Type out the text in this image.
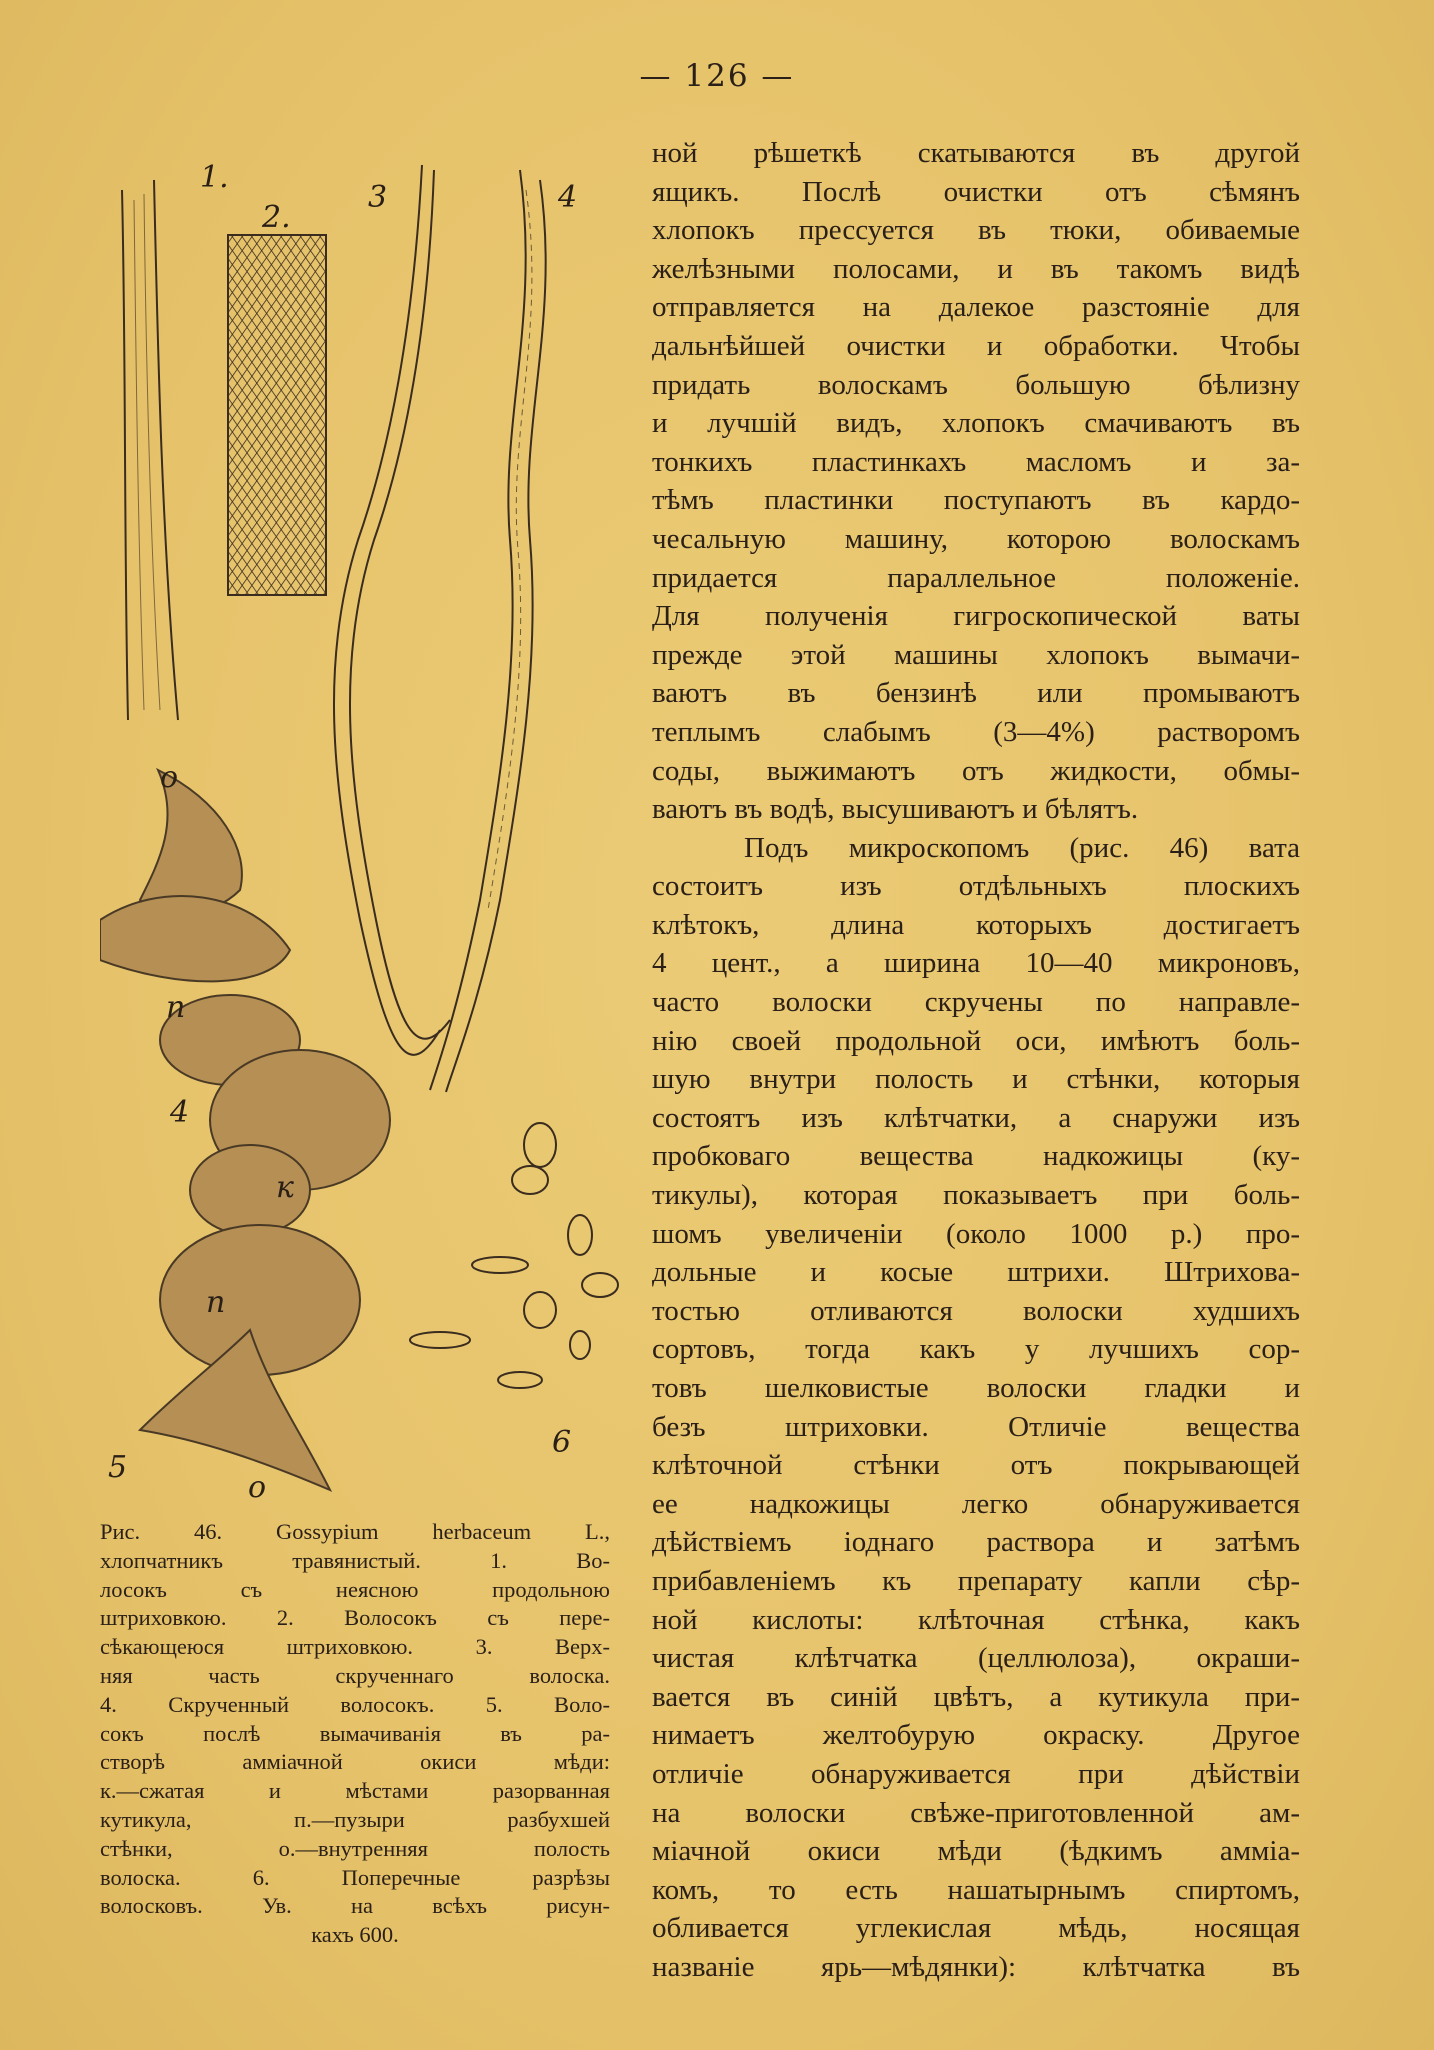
— 126 —
1.
2.
3	4
о
п
4
к
п
5
о
6
Рис. 46. Gossypium herbaceum L.,
хлопчатникъ травянистый. 1. Во-
лосокъ съ неясною продольною
штриховкою. 2. Волосокъ съ пере-
сѣкающеюся штриховкою. 3. Верх-
няя часть скрученнаго волоска.
4. Скрученный волосокъ. 5. Воло-
сокъ послѣ вымачиванія въ ра-
створѣ амміачной окиси мѣди:
к.—сжатая и мѣстами разорванная
кутикула, п.—пузыри разбухшей
стѣнки, о.—внутренняя полость
волоска. 6. Поперечные разрѣзы
волосковъ. Ув. на всѣхъ рисун-
кахъ 600.
ной рѣшеткѣ скатываются въ другой
ящикъ. Послѣ очистки отъ сѣмянъ
хлопокъ прессуется въ тюки, обиваемые
желѣзными полосами, и въ такомъ видѣ
отправляется на далекое разстояніе для
дальнѣйшей очистки и обработки. Чтобы
придать волоскамъ большую бѣлизну
и лучшій видъ, хлопокъ смачиваютъ въ
тонкихъ пластинкахъ масломъ и за-
тѣмъ пластинки поступаютъ въ кардо-
чесальную машину, которою волоскамъ
придается параллельное положеніе.
Для полученія гигроскопической ваты
прежде этой машины хлопокъ вымачи-
ваютъ въ бензинѣ или промываютъ
теплымъ слабымъ (3—4%) растворомъ
соды, выжимаютъ отъ жидкости, обмы-
ваютъ въ водѣ, высушиваютъ и бѣлятъ.
Подъ микроскопомъ (рис. 46) вата
состоитъ изъ отдѣльныхъ плоскихъ
клѣтокъ, длина которыхъ достигаетъ
4 цент., а ширина 10—40 микроновъ,
часто волоски скручены по направле-
нію своей продольной оси, имѣютъ боль-
шую внутри полость и стѣнки, которыя
состоятъ изъ клѣтчатки, а снаружи изъ
пробковаго вещества надкожицы (ку-
тикулы), которая показываетъ при боль-
шомъ увеличеніи (около 1000 р.) про-
дольные и косые штрихи. Штрихова-
тостью отливаются волоски худшихъ
сортовъ, тогда какъ у лучшихъ сор-
товъ шелковистые волоски гладки и
безъ штриховки. Отличіе вещества
клѣточной стѣнки отъ покрывающей
ее надкожицы легко обнаруживается
дѣйствіемъ іоднаго раствора и затѣмъ
прибавленіемъ къ препарату капли сѣр-
ной кислоты: клѣточная стѣнка, какъ
чистая клѣтчатка (целлюлоза), окраши-
вается въ синій цвѣтъ, а кутикула при-
нимаетъ желтобурую окраску. Другое
отличіе обнаруживается при дѣйствіи
на волоски свѣже-приготовленной ам-
міачной окиси мѣди (ѣдкимъ амміа-
комъ, то есть нашатырнымъ спиртомъ,
обливается углекислая мѣдь, носящая
названіе ярь—мѣдянки): клѣтчатка въ
